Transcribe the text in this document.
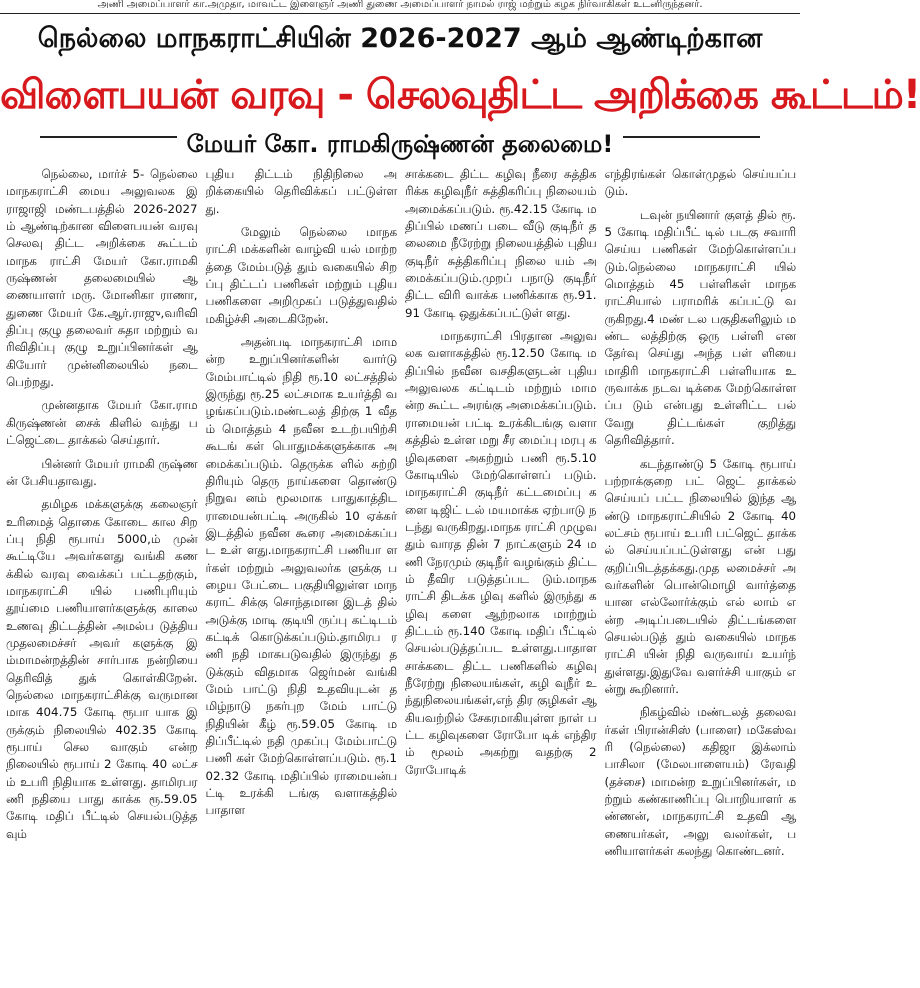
அணி அமைப்பாளர் கா.அமுதா, மாவட்ட இளைஞர் அணி துணை அமைப்பாளர் நாமல் ராஜ் மற்றும் கழக நிர்வாகிகள் உடனிருந்தனர்.
நெல்லை மாநகராட்சியின் 2026-2027 ஆம் ஆண்டிற்கான
விளைபயன் வரவு - செலவுதிட்ட அறிக்கை கூட்டம்!
மேயர் கோ. ராமகிருஷ்ணன் தலைமை!

நெல்லை, மார்ச் 5- நெல்லை மாநகராட்சி மைய அலுவலக இராஜாஜி மண்டபத்தில் 2026-2027 ம் ஆண்டிற்கான விளைபயன் வரவு செலவு திட்ட அறிக்கை கூட்டம் மாநக ராட்சி மேயர் கோ.ராமகி ருஷ்ணன் தலைமையில் ஆணையாளர் மரு. மோனிகா ராணா, துணை மேயர் கே.ஆர்.ராஜு,வரிவி திப்பு குழு தலைவர் சுதா மற்றும் வரிவிதிப்பு குழு உறுப்பினர்கள் ஆகியோர் முன்னிலையில் நடை பெற்றது.

முன்னதாக மேயர் கோ.ராமகிருஷ்ணன் சைக் கிளில் வந்து பட்ஜெட்டை தாக்கல் செய்தார்.

பின்னர் மேயர் ராமகி ருஷ்ணன் பேசியதாவது.

தமிழக மக்களுக்கு கலைஞர் உரிமைத் தொகை கோடை கால சிறப்பு நிதி ரூபாய் 5000,ம் முன் கூட்டியே அவர்களது வங்கி கணக்கில் வரவு வைக்கப் பட்டதற்கும், மாநகராட்சி யில் பணிபுரியும் தூய்மை பணியாளர்களுக்கு காலை உணவு திட்டத்தின் அமல்ப டுத்திய முதலமைச்சர் அவர் களுக்கு இம்மாமன்றத்தின் சார்பாக நன்றியை தெரிவித் துக் கொள்கிறேன். நெல்லை மாநகராட்சிக்கு வருமான மாக 404.75 கோடி ரூபா யாக இருக்கும் நிலையில் 402.35 கோடி ரூபாய் செல வாகும் என்ற நிலையில் ரூபாய் 2 கோடி 40 லட்சம் உபரி நிதியாக உள்ளது. தாமிரபரணி நதியை பாது காக்க ரூ.59.05 கோடி மதிப் பீட்டில் செயல்படுத்தவும்

புதிய திட்டம் நிதிநிலை அறிக்கையில் தெரிவிக்கப் பட்டுள்ளது.

மேலும் நெல்லை மாநக ராட்சி மக்களின் வாழ்வி யல் மாற்றத்தை மேம்படுத் தும் வகையில் சிறப்பு திட்டப் பணிகள் மற்றும் புதிய பணிகளை அறிமுகப் படுத்துவதில் மகிழ்ச்சி அடைகிறேன்.

அதன்படி மாநகராட்சி மாமன்ற உறுப்பினர்களின் வார்டு மேம்பாட்டில் நிதி ரூ.10 லட்சத்தில் இருந்து ரூ.25 லட்சமாக உயர்த்தி வழங்கப்படும்.மண்டலத் திற்கு 1 வீதம் மொத்தம் 4 நவீன உடற்பயிற்சி கூடங் கள் பொதுமக்களுக்காக அமைக்கப்படும். தெருக்க ளில் சுற்றி திரியும் தெரு நாய்களை தொண்டு நிறுவ னம் மூலமாக பாதுகாத்திட ராமையன்பட்டி அருகில் 10 ஏக்கர் இடத்தில் நவீன கூரை அமைக்கப்பட உள் ளது.மாநகராட்சி பணியா ளர்கள் மற்றும் அலுவலர்க ளுக்கு பழைய பேட்டை பகுதியிலுள்ள மாநகராட் சிக்கு சொந்தமான இடத் தில் அடுக்கு மாடி குடியி ருப்பு கட்டிடம் கட்டிக் கொடுக்கப்படும்.தாமிரப ரணி நதி மாசுபடுவதில் இருந்து தடுக்கும் விதமாக ஜெர்மன் வங்கி மேம் பாட்டு நிதி உதவியுடன் தமிழ்நாடு நகர்புற மேம் பாட்டு நிதியின் கீழ் ரூ.59.05 கோடி மதிப்பீட்டில் நதி முகப்பு மேம்பாட்டு பணி கள் மேற்கொள்ளப்படும். ரூ.102.32 கோடி மதிப்பில் ராமையன்பட்டி உரக்கி டங்கு வளாகத்தில் பாதாள

சாக்கடை திட்ட கழிவு நீரை சுத்திகரிக்க கழிவுநீர் சுத்திகரிப்பு நிலையம் அமைக்கப்படும். ரூ.42.15 கோடி மதிப்பில் மணப் படை வீடு குடிநீர் தலைமை நீரேற்று நிலையத்தில் புதிய குடிநீர் சுத்திகரிப்பு நிலை யம் அமைக்கப்படும்.முறப் பநாடு குடிநீர் திட்ட விரி வாக்க பணிக்காக ரூ.91.91 கோடி ஒதுக்கப்பட்டுள் ளது.

மாநகராட்சி பிரதான அலுவலக வளாகத்தில் ரூ.12.50 கோடி மதிப்பில் நவீன வசதிகளுடன் புதிய அலுவலக கட்டிடம் மற்றும் மாமன்ற கூட்ட அரங்கு அமைக்கப்படும்.ராமையன் பட்டி உரக்கிடங்கு வளா கத்தில் உள்ள மறு சீர மைப்பு மரபு கழிவுகளை அகற்றும் பணி ரூ.5.10 கோடியில் மேற்கொள்ளப் படும். மாநகராட்சி குடிநீர் கட்டமைப்பு களை டிஜிட் டல் மயமாக்க ஏற்பாடு நடந்து வருகிறது.மாநக ராட்சி முழுவதும் வாரத தின் 7 நாட்களும் 24 மணி நேரமும் குடிநீர் வழங்கும் திட்டம் தீவிர படுத்தப்பட டும்.மாநகராட்சி திடக்க ழிவு களில் இருந்து கழிவு களை ஆற்றலாக மாற்றும் திட்டம் ரூ.140 கோடி மதிப் பீட்டில் செயல்படுத்தப்பட உள்ளது.பாதாள சாக்கடை திட்ட பணிகளில் கழிவு நீரேற்று நிலையங்கள், கழி வுநீர் உந்துநிலையங்கள்,எந் திர குழிகள் ஆகியவற்றில் சேகரமாகியுள்ள நாள் பட்ட கழிவுகளை ரோபோ டிக் எந்திரம் மூலம் அகற்று வதற்கு 2 ரோபோடிக்

எந்திரங்கள் கொள்முதல் செய்யப்படும்.

டவுன் நயினார் குளத் தில் ரூ.5 கோடி மதிப்பீட் டில் படகு சவாரி செய்ய பணிகள் மேற்கொள்ளப்ப டும்.நெல்லை மாநகராட்சி யில் மொத்தம் 45 பள்ளிகள் மாநகராட்சியால் பராமரிக் கப்பட்டு வருகிறது.4 மண் டல பகுதிகளிலும் மண்ட லத்திற்கு ஒரு பள்ளி என தேர்வு செய்து அந்த பள் ளியை மாதிரி மாநகராட்சி பள்ளியாக உருவாக்க நடவ டிக்கை மேற்கொள்ளப்ப டும் என்பது உள்ளிட்ட பல் வேறு திட்டங்கள் குறித்து தெரிவித்தார்.

கடந்தாண்டு 5 கோடி ரூபாய் பற்றாக்குறை பட் ஜெட் தாக்கல் செய்யப் பட்ட நிலையில் இந்த ஆண்டு மாநகராட்சியில் 2 கோடி 40 லட்சம் ரூபாய் உபரி பட்ஜெட் தாக்கல் செய்யப்பட்டுள்ளது என் பது குறிப்பிடத்தக்கது.முத லமைச்சர் அவர்களின் பொன்மொழி வார்த்தை யான எல்லோர்க்கும் எல் லாம் என்ற அடிப்படையில் திட்டங்களை செயல்படுத் தும் வகையில் மாநகராட்சி யின் நிதி வருவாய் உயர்ந் துள்ளது.இதுவே வளர்ச்சி யாகும் என்று கூறினார்.

நிகழ்வில் மண்டலத் தலைவர்கள் பிரான்சிஸ் (பாளை) மகேஸ்வரி (நெல்லை) கதிஜா இக்லாம் பாசிலா (மேலபாளையம்) ரேவதி (தச்சை) மாமன்ற உறுப்பினர்கள், மற்றும் கண்காணிப்பு பொறியாளர் கண்ணன், மாநகராட்சி உதவி ஆணையர்கள், அலு வலர்கள், பணியாளர்கள் கலந்து கொண்டனர்.
